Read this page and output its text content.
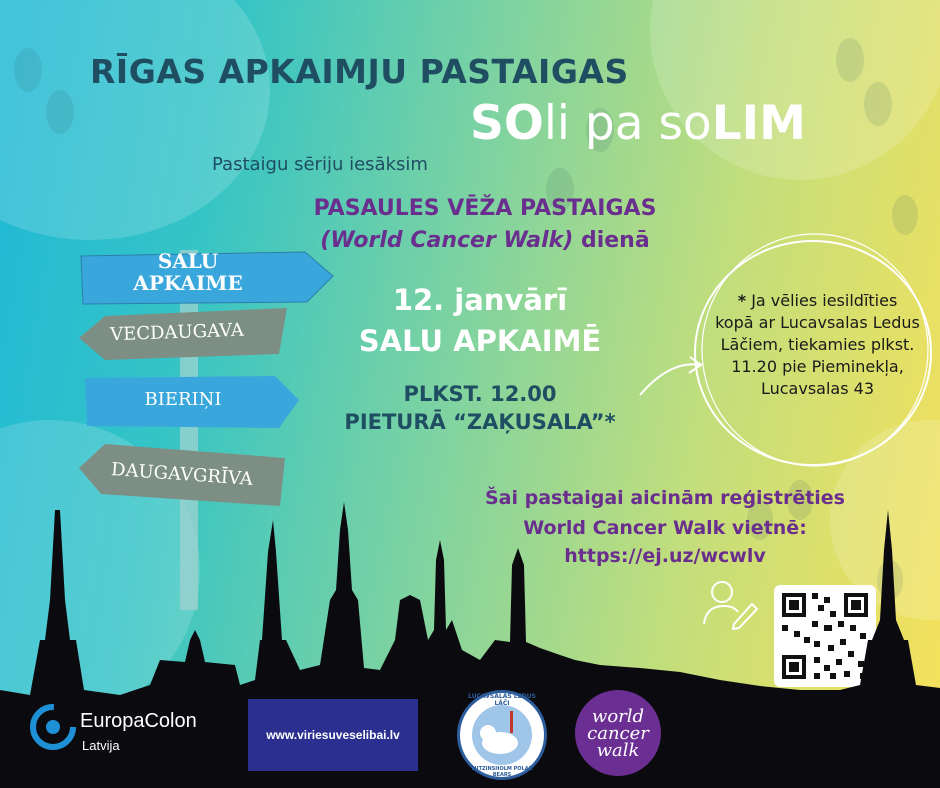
RĪGAS APKAIMJU PASTAIGAS
SOli pa soLIM
Pastaigu sēriju iesāksim
PASAULES VĒŽA PASTAIGAS
(World Cancer Walk) dienā
12. janvārī
SALU APKAIMĒ
PLKST. 12.00
PIETURĀ “ZAĶUSALA”*
* Ja vēlies iesildīties
kopā ar Lucavsalas Ledus
Lāčiem, tiekamies plkst.
11.20 pie Pieminekļa,
Lucavsalas 43
SALU APKAIME
VECDAUGAVA
BIERIŅI
DAUGAVGRĪVA
Šai pastaigai aicinām reģistrēties
World Cancer Walk vietnē:
https://ej.uz/wcwlv
EuropaColon
Latvija
www.viriesuveselibai.lv
LUCAVSALAS LEDUS LĀČI
LUTZINSHOLM POLAR BEARS
world
cancer
walk
